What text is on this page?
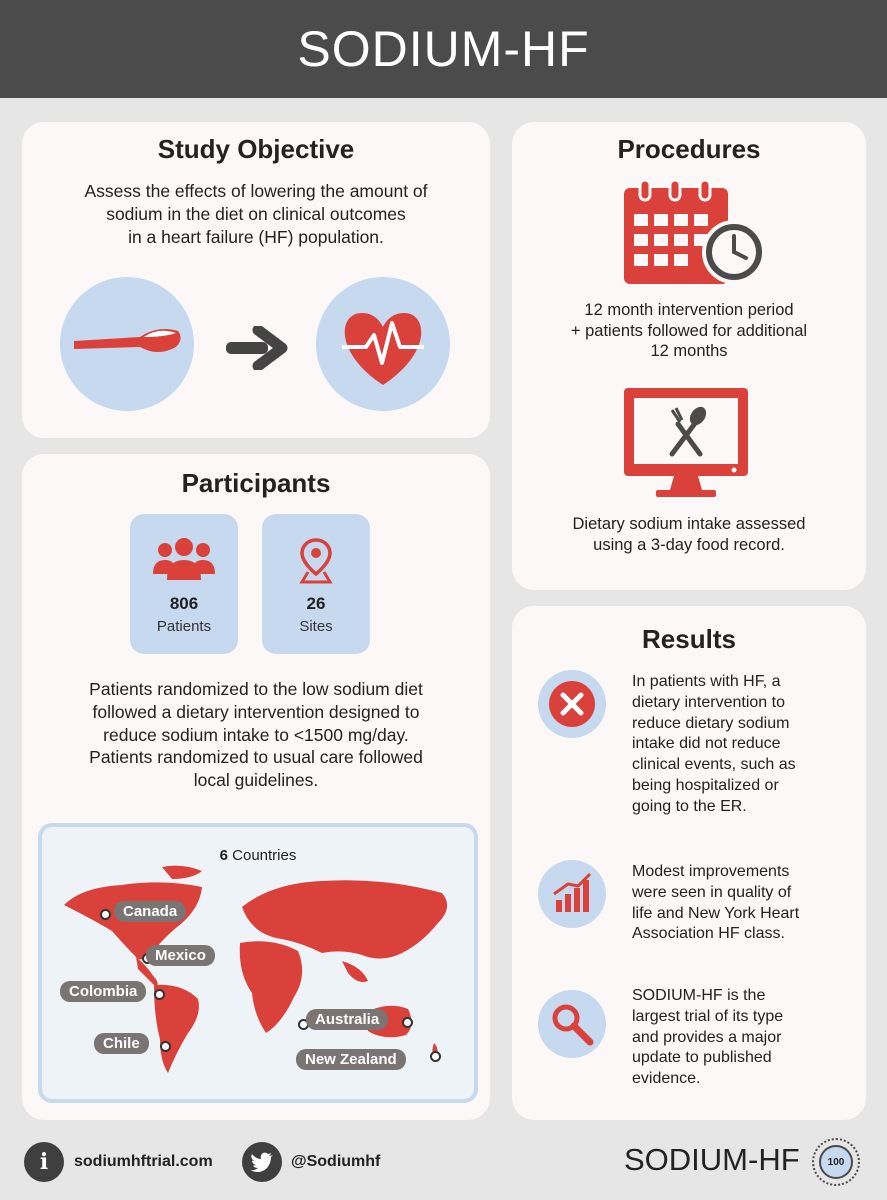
SODIUM-HF
Study Objective
Assess the effects of lowering the amount of
sodium in the diet on clinical outcomes
in a heart failure (HF) population.
Participants
806
Patients
26
Sites
Patients randomized to the low sodium diet
followed a dietary intervention designed to
reduce sodium intake to <1500 mg/day.
Patients randomized to usual care followed
local guidelines.
6 Countries
Canada
Mexico
Colombia
Chile
Australia
New Zealand
Procedures
12 month intervention period
+ patients followed for additional
12 months
Dietary sodium intake assessed
using a 3-day food record.
Results
In patients with HF, a
dietary intervention to
reduce dietary sodium
intake did not reduce
clinical events, such as
being hospitalized or
going to the ER.
Modest improvements
were seen in quality of
life and New York Heart
Association HF class.
SODIUM-HF is the
largest trial of its type
and provides a major
update to published
evidence.
i	sodiumhftrial.com	@Sodiumhf	SODIUM-HF	100
